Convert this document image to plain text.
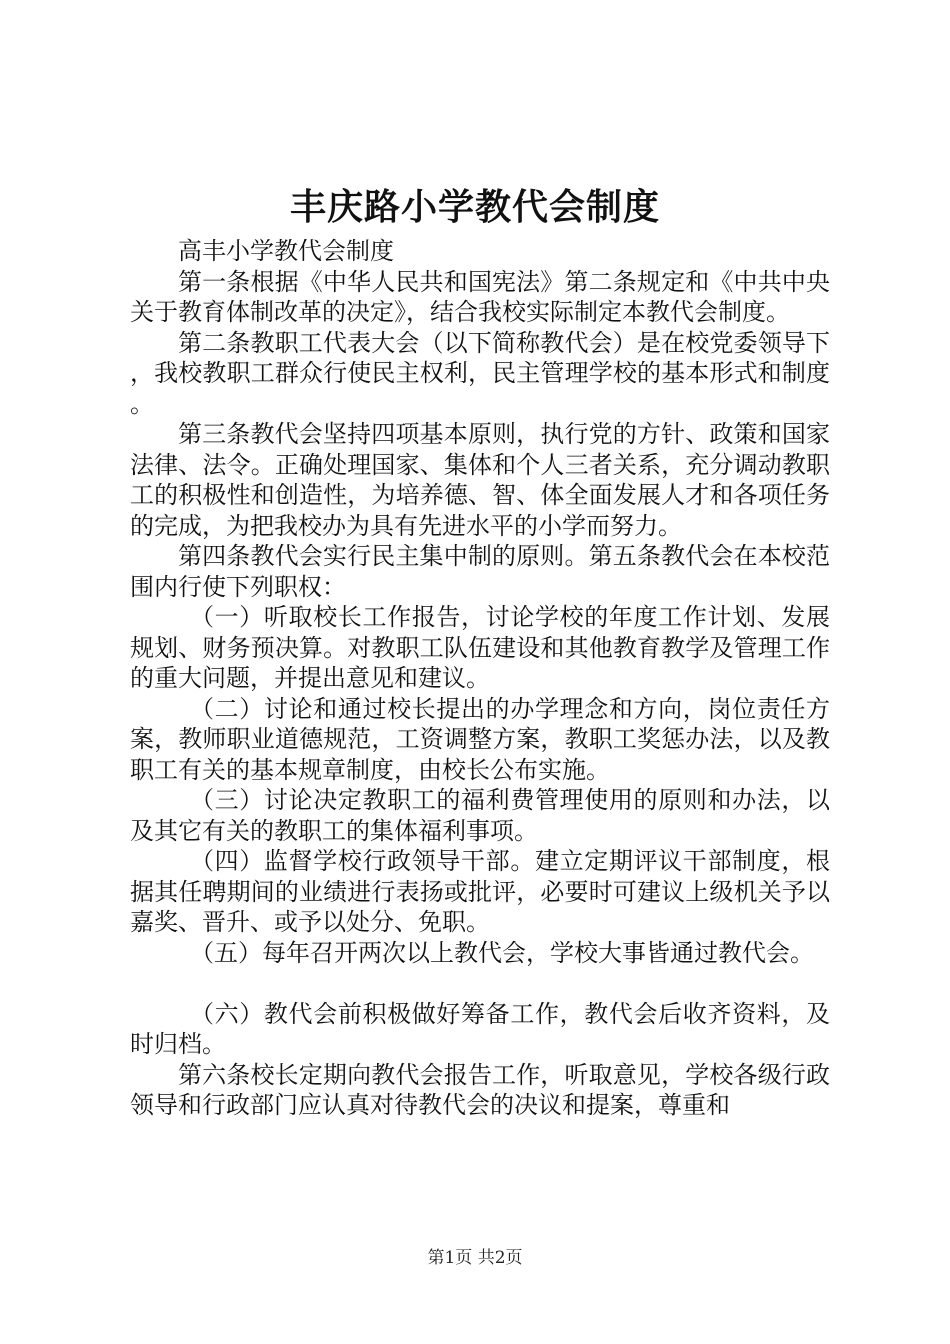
丰庆路小学教代会制度

高丰小学教代会制度

第一条根据《中华人民共和国宪法》第二条规定和《中共中央关于教育体制改革的决定》，结合我校实际制定本教代会制度。

第二条教职工代表大会（以下简称教代会）是在校党委领导下，我校教职工群众行使民主权利，民主管理学校的基本形式和制度。

第三条教代会坚持四项基本原则，执行党的方针、政策和国家法律、法令。正确处理国家、集体和个人三者关系，充分调动教职工的积极性和创造性，为培养德、智、体全面发展人才和各项任务的完成，为把我校办为具有先进水平的小学而努力。

第四条教代会实行民主集中制的原则。第五条教代会在本校范围内行使下列职权：

（一）听取校长工作报告，讨论学校的年度工作计划、发展规划、财务预决算。对教职工队伍建设和其他教育教学及管理工作的重大问题，并提出意见和建议。

（二）讨论和通过校长提出的办学理念和方向，岗位责任方案，教师职业道德规范，工资调整方案，教职工奖惩办法，以及教职工有关的基本规章制度，由校长公布实施。

（三）讨论决定教职工的福利费管理使用的原则和办法，以及其它有关的教职工的集体福利事项。

（四）监督学校行政领导干部。建立定期评议干部制度，根据其任聘期间的业绩进行表扬或批评，必要时可建议上级机关予以嘉奖、晋升、或予以处分、免职。

（五）每年召开两次以上教代会，学校大事皆通过教代会。

（六）教代会前积极做好筹备工作，教代会后收齐资料，及时归档。

第六条校长定期向教代会报告工作，听取意见，学校各级行政领导和行政部门应认真对待教代会的决议和提案，尊重和

第1页 共2页
